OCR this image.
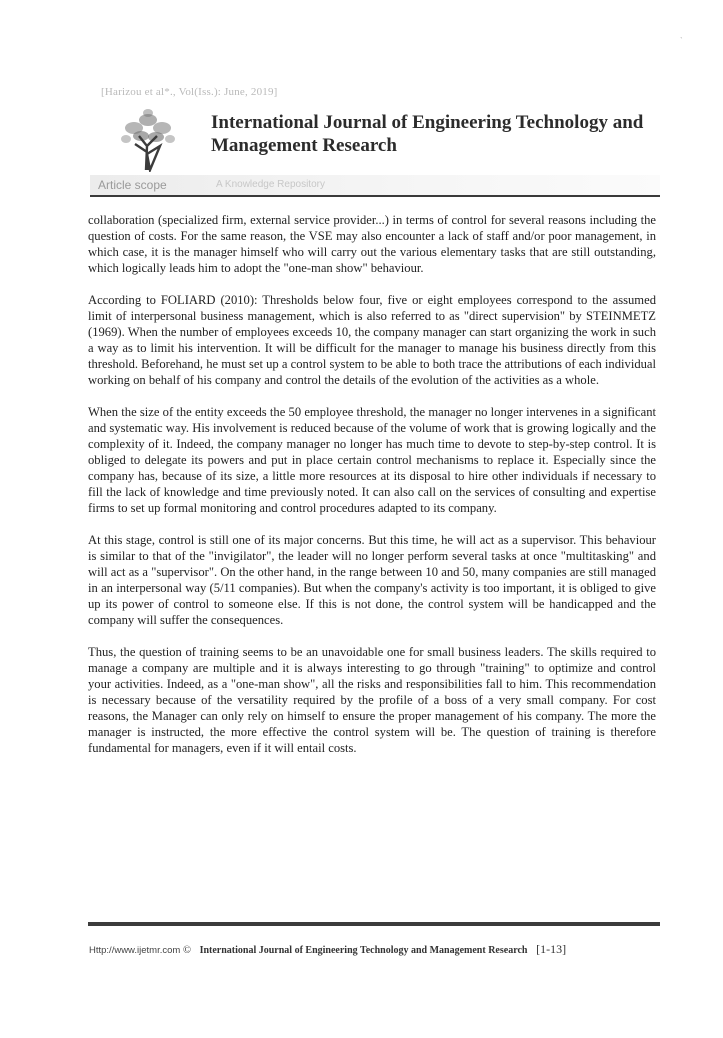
`
[Harizou et al*., Vol(Iss.): June, 2019]
International Journal of Engineering Technology and
Management Research
Article scope	A Knowledge Repository

collaboration (specialized firm, external service provider...) in terms of control for several reasons including the question of costs. For the same reason, the VSE may also encounter a lack of staff and/or poor management, in which case, it is the manager himself who will carry out the various elementary tasks that are still outstanding, which logically leads him to adopt the "one-man show" behaviour.

According to FOLIARD (2010): Thresholds below four, five or eight employees correspond to the assumed limit of interpersonal business management, which is also referred to as "direct supervision" by STEINMETZ (1969). When the number of employees exceeds 10, the company manager can start organizing the work in such a way as to limit his intervention. It will be difficult for the manager to manage his business directly from this threshold. Beforehand, he must set up a control system to be able to both trace the attributions of each individual working on behalf of his company and control the details of the evolution of the activities as a whole.

When the size of the entity exceeds the 50 employee threshold, the manager no longer intervenes in a significant and systematic way. His involvement is reduced because of the volume of work that is growing logically and the complexity of it. Indeed, the company manager no longer has much time to devote to step-by-step control. It is obliged to delegate its powers and put in place certain control mechanisms to replace it. Especially since the company has, because of its size, a little more resources at its disposal to hire other individuals if necessary to fill the lack of knowledge and time previously noted. It can also call on the services of consulting and expertise firms to set up formal monitoring and control procedures adapted to its company.

At this stage, control is still one of its major concerns. But this time, he will act as a supervisor. This behaviour is similar to that of the "invigilator", the leader will no longer perform several tasks at once "multitasking" and will act as a "supervisor". On the other hand, in the range between 10 and 50, many companies are still managed in an interpersonal way (5/11 companies). But when the company's activity is too important, it is obliged to give up its power of control to someone else. If this is not done, the control system will be handicapped and the company will suffer the consequences.

Thus, the question of training seems to be an unavoidable one for small business leaders. The skills required to manage a company are multiple and it is always interesting to go through "training" to optimize and control your activities. Indeed, as a "one-man show", all the risks and responsibilities fall to him. This recommendation is necessary because of the versatility required by the profile of a boss of a very small company. For cost reasons, the Manager can only rely on himself to ensure the proper management of his company. The more the manager is instructed, the more effective the control system will be. The question of training is therefore fundamental for managers, even if it will entail costs.

Http://www.ijetmr.com © International Journal of Engineering Technology and Management Research [1-13]
